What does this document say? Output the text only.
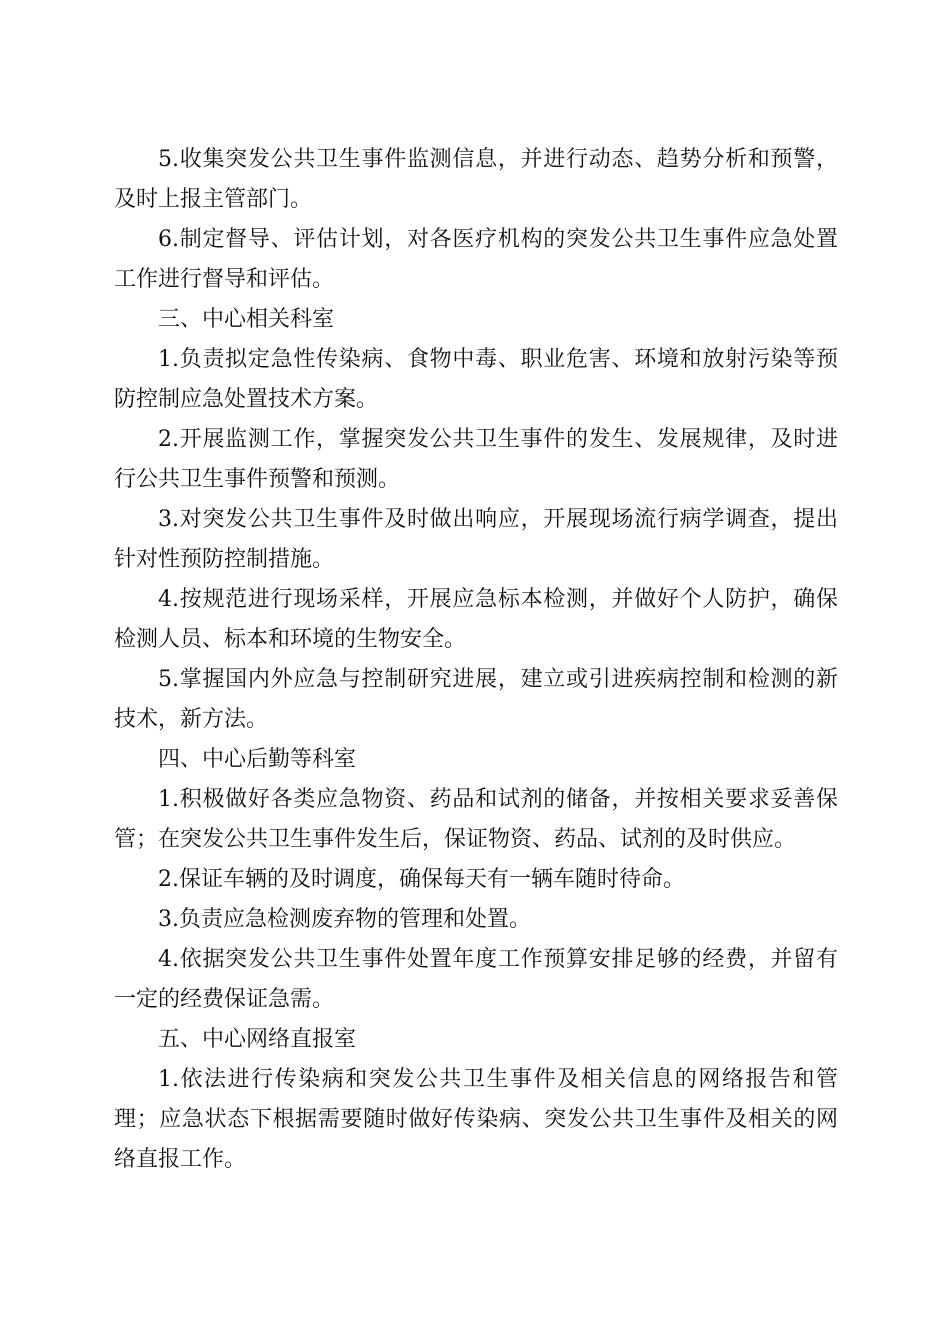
5.收集突发公共卫生事件监测信息，并进行动态、趋势分析和预警，及时上报主管部门。

6.制定督导、评估计划，对各医疗机构的突发公共卫生事件应急处置工作进行督导和评估。

三、中心相关科室

1.负责拟定急性传染病、食物中毒、职业危害、环境和放射污染等预防控制应急处置技术方案。

2.开展监测工作，掌握突发公共卫生事件的发生、发展规律，及时进行公共卫生事件预警和预测。

3.对突发公共卫生事件及时做出响应，开展现场流行病学调查，提出针对性预防控制措施。

4.按规范进行现场采样，开展应急标本检测，并做好个人防护，确保检测人员、标本和环境的生物安全。

5.掌握国内外应急与控制研究进展，建立或引进疾病控制和检测的新技术，新方法。

四、中心后勤等科室

1.积极做好各类应急物资、药品和试剂的储备，并按相关要求妥善保管；在突发公共卫生事件发生后，保证物资、药品、试剂的及时供应。

2.保证车辆的及时调度，确保每天有一辆车随时待命。

3.负责应急检测废弃物的管理和处置。

4.依据突发公共卫生事件处置年度工作预算安排足够的经费，并留有一定的经费保证急需。

五、中心网络直报室

1.依法进行传染病和突发公共卫生事件及相关信息的网络报告和管理；应急状态下根据需要随时做好传染病、突发公共卫生事件及相关的网络直报工作。
